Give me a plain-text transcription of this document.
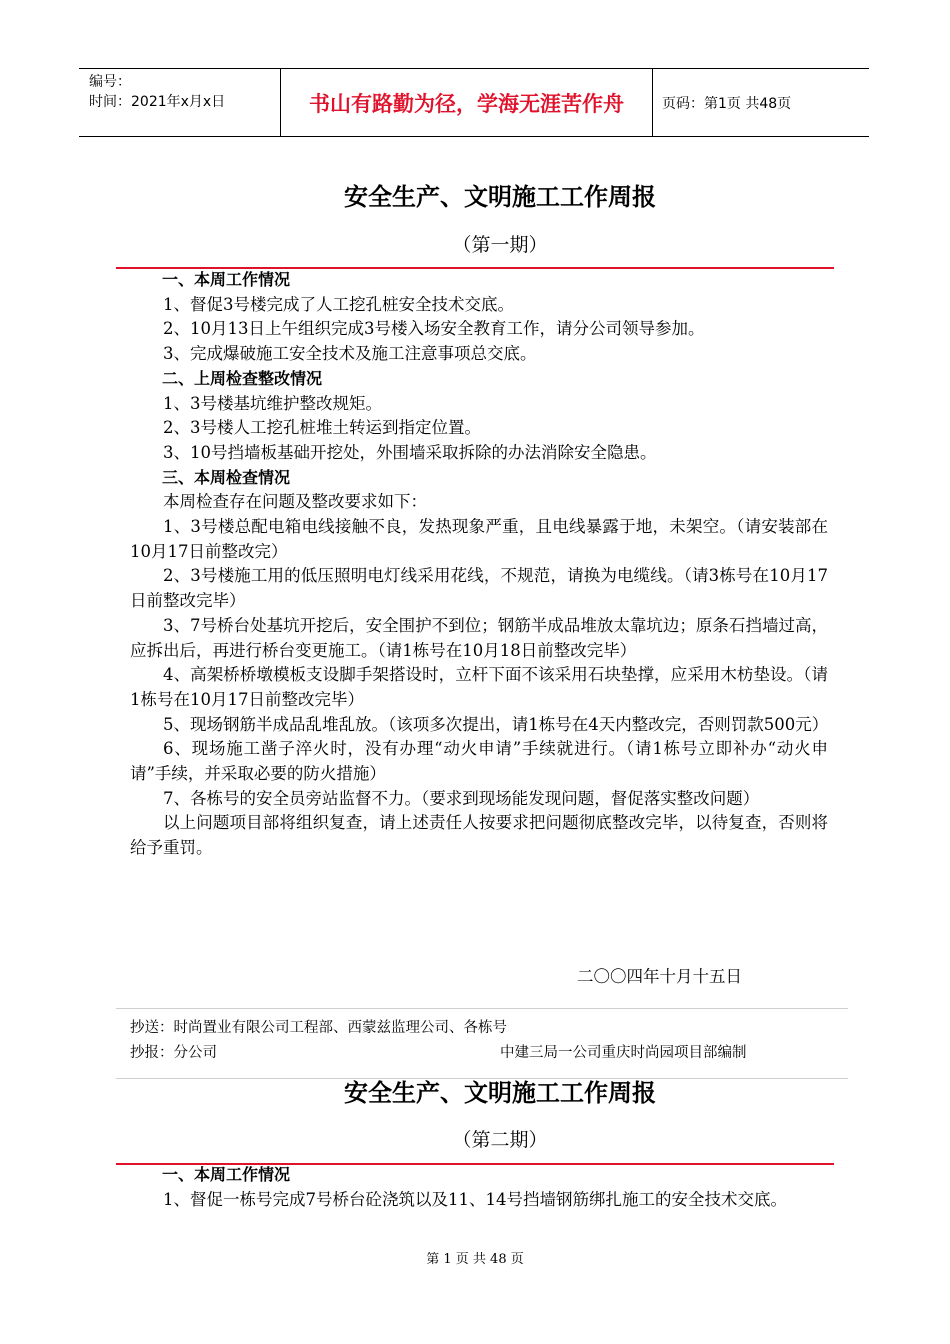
编号：
时间：2021年x月x日	书山有路勤为径，学海无涯苦作舟	页码：第1页 共48页
安全生产、文明施工工作周报
（第一期）

一、本周工作情况

1、督促3号楼完成了人工挖孔桩安全技术交底。

2、10月13日上午组织完成3号楼入场安全教育工作，请分公司领导参加。

3、完成爆破施工安全技术及施工注意事项总交底。

二、上周检查整改情况

1、3号楼基坑维护整改规矩。

2、3号楼人工挖孔桩堆土转运到指定位置。

3、10号挡墙板基础开挖处，外围墙采取拆除的办法消除安全隐患。

三、本周检查情况

本周检查存在问题及整改要求如下：

1、3号楼总配电箱电线接触不良，发热现象严重，且电线暴露于地，未架空。（请安装部在10月17日前整改完）

2、3号楼施工用的低压照明电灯线采用花线，不规范，请换为电缆线。（请3栋号在10月17日前整改完毕）

3、7号桥台处基坑开挖后，安全围护不到位；钢筋半成品堆放太靠坑边；原条石挡墙过高，应拆出后，再进行桥台变更施工。（请1栋号在10月18日前整改完毕）

4、高架桥桥墩模板支设脚手架搭设时，立杆下面不该采用石块垫撑，应采用木枋垫设。（请1栋号在10月17日前整改完毕）

5、现场钢筋半成品乱堆乱放。（该项多次提出，请1栋号在4天内整改完，否则罚款500元）

6、现场施工凿子淬火时，没有办理“动火申请”手续就进行。（请1栋号立即补办“动火申请”手续，并采取必要的防火措施）

7、各栋号的安全员旁站监督不力。（要求到现场能发现问题，督促落实整改问题）

以上问题项目部将组织复查，请上述责任人按要求把问题彻底整改完毕，以待复查，否则将给予重罚。

二〇〇四年十月十五日
抄送：时尚置业有限公司工程部、西蒙兹监理公司、各栋号
抄报：分公司	中建三局一公司重庆时尚园项目部编制
安全生产、文明施工工作周报
（第二期）

一、本周工作情况

1、督促一栋号完成7号桥台砼浇筑以及11、14号挡墙钢筋绑扎施工的安全技术交底。

第 1 页 共 48 页
